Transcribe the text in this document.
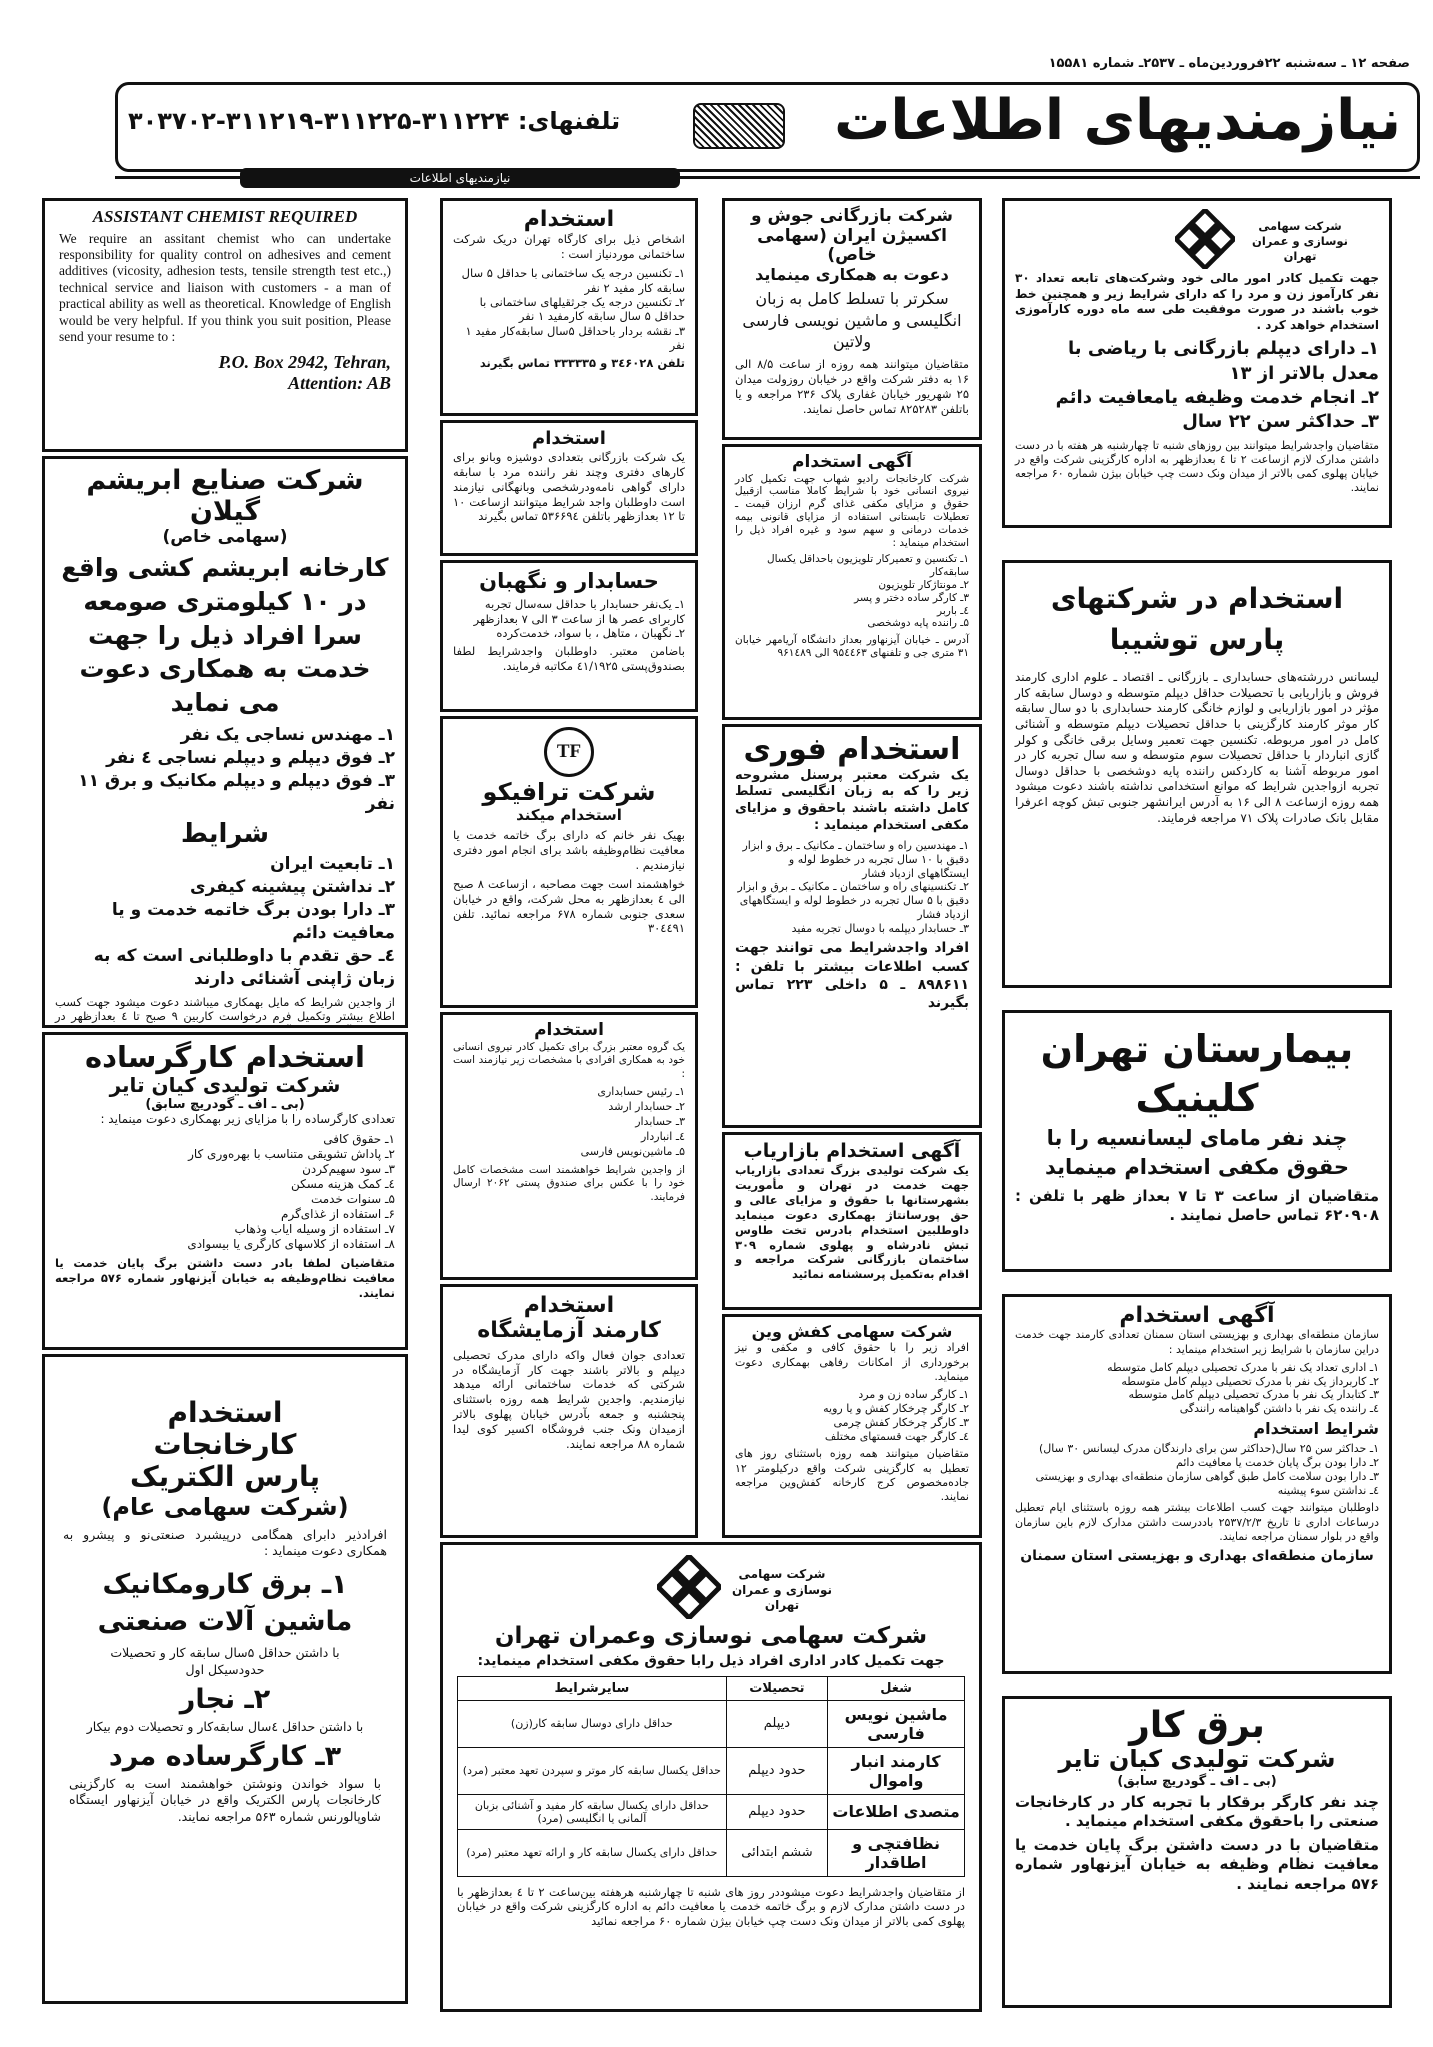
صفحه ۱۲ ـ سه‌شنبه ۲۲فروردین‌ماه ـ ۲۵۳۷ـ شماره ۱۵۵۸۱
نیازمندیهای اطلاعات
تلفنهای: ۳۱۱۲۲۴-۳۱۱۲۲۵-۳۱۱۲۱۹-۳۰۳۷۰۲
نیازمندیهای اطلاعات
ASSISTANT CHEMIST REQUIRED
We require an assitant chemist who can undertake responsibility for quality control on adhesives and cement additives (vicosity, adhesion tests, tensile strength test etc.,) technical service and liaison with customers - a man of practical ability as well as theoretical. Knowledge of English would be very helpful. If you think you suit position, Please send your resume to :
P.O. Box 2942, Tehran,
Attention: AB
شرکت صنایع ابریشم گیلان
(سهامی خاص)
کارخانه ابریشم کشی واقع در ۱۰ کیلومتری صومعه سرا افراد ذیل را جهت خدمت به همکاری دعوت می نماید
۱ـ مهندس نساجی یک نفر
۲ـ فوق دیپلم و دیپلم نساجی ٤ نفر
۳ـ فوق دیپلم و دیپلم مکانیک و برق ۱۱ نفر
شرایط
۱ـ تابعیت ایران
۲ـ نداشتن پیشینه کیفری
۳ـ دارا بودن برگ خاتمه خدمت و یا معافیت دائم
٤ـ حق تقدم با داوطلبانی است که به زبان ژاپنی آشنائی دارند
از واجدین شرایط که مایل بهمکاری میباشند دعوت میشود جهت کسب اطلاع بیشتر وتکمیل فرم درخواست کاربین ۹ صبح تا ٤ بعدازظهر در
استخدام کارگرساده
شرکت تولیدی کیان تایر
(بی ـ اف ـ گودریچ سابق)
تعدادی کارگرساده را با مزایای زیر بهمکاری دعوت مینماید :
۱ـ حقوق کافی
۲ـ پاداش تشویقی متناسب با بهره‌وری کار
۳ـ سود سهیم‌کردن
٤ـ کمک هزینه مسکن
۵ـ سنوات خدمت
۶ـ استفاده از غذای‌گرم
۷ـ استفاده از وسیله ایاب وذهاب
۸ـ استفاده از کلاسهای کارگری یا بیسوادی
متقاضیان لطفا بادر دست داشتن برگ پایان خدمت یا معافیت نظام‌وظیفه به خیابان آیزنهاور شماره ۵۷۶ مراجعه نمایند.
استخدام
کارخانجات
پارس الکتریک
(شرکت سهامی عام)
افرادذیر دابرای همگامی درپیشبرد صنعتی‌نو و پیشرو به همکاری دعوت مینماید :
۱ـ برق کارومکانیک ماشین آلات صنعتی
با داشتن حداقل ۵سال سابقه کار و تحصیلات حدودسیکل اول
۲ـ نجار
با داشتن حداقل ٤سال سابقه‌کار و تحصیلات دوم بیکار
۳ـ کارگرساده مرد
با سواد خواندن ونوشتن خواهشمند است به کارگزینی کارخانجات پارس الکتریک واقع در خیابان آیزنهاور ایستگاه شاوپالورنس شماره ۵۶۳ مراجعه نمایند.
استخدام
اشخاص ذیل برای کارگاه تهران دریک شرکت ساختمانی موردنیاز است :
۱ـ تکنسین درجه یک ساختمانی با حداقل ۵ سال سابقه کار مفید ۲ نفر
۲ـ تکنسین درجه یک جرثقیلهای ساختمانی با حداقل ۵ سال سابقه کارمفید ۱ نفر
۳ـ نقشه بردار باحداقل ۵سال سابقه‌کار مفید ۱ نفر
تلفن ۳٤۶۰۲۸ و ۳۳۳۳۳۵ تماس بگیرند
استخدام
یک شرکت بازرگانی بتعدادی دوشیزه وبانو برای کارهای دفتری وچند نفر راننده مرد با سابقه دارای گواهی نامه‌ودرشخصی وبانهگانی نیازمند است داوطلبان واجد شرایط میتوانند ازساعت ۱۰ تا ۱۲ بعدازظهر باتلفن ۵۳۶۶۹٤ تماس بگیرند
حسابدار و نگهبان
۱ـ یک‌نفر حسابدار با حداقل سه‌سال تجربه کاربرای عصر ها از ساعت ۳ الی ۷ بعدازظهر
۲ـ نگهبان ، متاهل ، با سواد، خدمت‌کرده
باضامن معتبر. داوطلبان واجدشرایط لطفا بصندوق‌پستی ٤۱/۱۹۲۵ مکاتبه فرمایند.
TF
شرکت ترافیکو
استخدام میکند
بهیک نفر خانم که دارای برگ خاتمه خدمت یا معافیت نظام‌وظیفه باشد برای انجام امور دفتری نیازمندیم .
خواهشمند است جهت مصاحبه ، ازساعت ۸ صبح الی ٤ بعدازظهر به محل شرکت، واقع در خیابان سعدی جنوبی شماره ۶۷۸ مراجعه نمائید. تلفن ۳۰٤٤۹۱
استخدام
یک گروه معتبر بزرگ برای تکمیل کادر نیروی انسانی خود به همکاری افرادی با مشخصات زیر نیازمند است :
۱ـ رئیس حسابداری
۲ـ حسابدار ارشد
۳ـ حسابدار
٤ـ انباردار
۵ـ ماشین‌نویس فارسی
از واجدین شرایط خواهشمند است مشخصات کامل خود را با عکس برای صندوق پستی ۲۰۶۲ ارسال فرمایند.
استخدام
کارمند آزمایشگاه
تعدادی جوان فعال واکه دارای مدرک تحصیلی دیپلم و بالاتر باشند جهت کار آزمایشگاه در شرکتی که خدمات ساختمانی ارائه میدهد نیازمندیم. واجدین شرایط همه روزه باستثنای پنجشنبه و جمعه بآدرس خیابان پهلوی بالاتر ازمیدان ونک جنب فروشگاه اکسیر کوی لیدا شماره ۸۸ مراجعه نمایند.
شرکت بازرگانی جوش و اکسیژن ایران (سهامی خاص)
دعوت به همکاری مینماید
سکرتر با تسلط کامل به زبان انگلیسی و ماشین نویسی فارسی ولاتین
متقاضیان میتوانند همه روزه از ساعت ۸/۵ الی ۱۶ به دفتر شرکت واقع در خیابان روزولت میدان ۲۵ شهریور خیابان غفاری پلاک ۲۳۶ مراجعه و یا باتلفن ۸۲۵۲۸۳ تماس حاصل نمایند.
آگهی استخدام
شرکت کارخانجات رادیو شهاب جهت تکمیل کادر نیروی انسانی خود با شرایط کاملا مناسب ازقبیل حقوق و مزایای مکفی غذای گرم ارزان قیمت ـ تعطیلات تابستانی استفاده از مزایای قانونی بیمه خدمات درمانی و سهم سود و غیره افراد ذیل را استخدام مینماید :
۱ـ تکنسین و تعمیرکار تلویزیون باحداقل یکسال سابقه‌کار
۲ـ مونتاژکار تلویزیون
۳ـ کارگر ساده دختر و پسر
٤ـ باربر
۵ـ راننده پایه دوشخصی
آدرس ـ خیابان آیزنهاور بعداز دانشگاه آریامهر خیابان ۳۱ متری جی و تلفنهای ۹۵٤٤۶۳ الی ۹۶۱٤۸۹
استخدام فوری
یک شرکت معتبر پرسنل مشروحه زیر را که به زبان انگلیسی تسلط کامل داشته باشند باحقوق و مزایای مکفی استخدام مینماید :
۱ـ مهندسین راه و ساختمان ـ مکانیک ـ برق و ابزار دقیق با ۱۰ سال تجربه در خطوط لوله و ایستگاههای ازدیاد فشار
۲ـ تکنسینهای راه و ساختمان ـ مکانیک ـ برق و ابزار دقیق با ۵ سال تجربه در خطوط لوله و ایستگاههای ازدیاد فشار
۳ـ حسابدار دیپلمه با دوسال تجربه مفید
افراد واجدشرایط می توانند جهت کسب اطلاعات بیشتر با تلفن : ۸۹۸۶۱۱ ـ ۵ داخلی ۲۲۳ تماس بگیرند
آگهی استخدام بازاریاب
یک شرکت تولیدی بزرگ تعدادی بازاریاب جهت خدمت در تهران و مأموریت بشهرستانها با حقوق و مزایای عالی و حق پورسانتاژ بهمکاری دعوت مینماید داوطلبین استخدام بادرس تخت طاوس تبش نادرشاه و پهلوی شماره ۳۰۹ ساختمان بازرگانی شرکت مراجعه و اقدام به‌تکمیل پرسشنامه نمائید
شرکت سهامی کفش وین
افراد زیر را با حقوق کافی و مکفی و نیز برخورداری از امکانات رفاهی بهمکاری دعوت مینماید.
۱ـ کارگر ساده زن و مرد
۲ـ کارگر چرخکار کفش و یا رویه
۳ـ کارگر چرخکار کفش چرمی
٤ـ کارگر جهت قسمتهای مختلف
متقاضیان میتوانند همه روزه باستثنای روز های تعطیل به کارگزینی شرکت واقع درکیلومتر ۱۲ جاده‌مخصوص کرج کارخانه کفش‌وین مراجعه نمایند.
شرکت سهامی نوسازی و عمران تهران
شرکت سهامی نوسازی وعمران تهران
جهت تکمیل کادر اداری افراد ذیل رابا حقوق مکفی استخدام مینماید:
شغل	تحصیلات	سایرشرایط
ماشین نویس فارسی	دیپلم	حداقل دارای دوسال سابقه کار(زن)
کارمند انبار واموال	حدود دیپلم	حداقل یکسال سابقه کار موتر و سپردن تعهد معتبر (مرد)
متصدی اطلاعات	حدود دیپلم	حداقل دارای یکسال سابقه کار مفید و آشنائی بزبان آلمانی یا انگلیسی (مرد)
نظافتچی و اطاقدار	ششم ابتدائی	حداقل دارای یکسال سابقه کار و ارائه تعهد معتبر (مرد)
از متقاضیان واجدشرایط دعوت میشوددر روز های شنبه تا چهارشنبه هرهفته بین‌ساعت ۲ تا ٤ بعدازظهر با در دست داشتن مدارک لازم و برگ خاتمه خدمت یا معافیت دائم به اداره کارگزینی شرکت واقع در خیابان پهلوی کمی بالاتر از میدان ونک دست چپ خیابان بیژن شماره ۶۰ مراجعه نمائید
شرکت سهامی نوسازی و عمران تهران
جهت تکمیل کادر امور مالی خود وشرکت‌های تابعه تعداد ۳۰ نفر کارآموز زن و مرد را که دارای شرایط زیر و همچنین خط خوب باشند در صورت موفقیت طی سه ماه دوره کارآموزی استخدام خواهد کرد .
۱ـ دارای دیپلم بازرگانی با ریاضی با معدل بالاتر از ۱۳
۲ـ انجام خدمت وظیفه یامعافیت دائم
۳ـ حداکثر سن ۲۲ سال
متقاضیان واجدشرایط میتوانند بین روزهای شنبه تا چهارشنبه هر هفته با در دست داشتن مدارک لازم ازساعت ۲ تا ٤ بعدازظهر به اداره کارگزینی شرکت واقع در خیابان پهلوی کمی بالاتر از میدان ونک دست چپ خیابان بیژن شماره ۶۰ مراجعه نمایند.
استخدام در شرکتهای پارس توشیبا
لیسانس دررشته‌های حسابداری ـ بازرگانی ـ اقتصاد ـ علوم اداری کارمند فروش و بازاریابی با تحصیلات حداقل دیپلم متوسطه و دوسال سابقه کار مؤثر در امور بازاریابی و لوازم خانگی کارمند حسابداری با دو سال سابقه کار موثر کارمند کارگزینی با حداقل تحصیلات دیپلم متوسطه و آشنائی کامل در امور مربوطه. تکنسین جهت تعمیر وسایل برقی خانگی و کولر گازی انباردار با حداقل تحصیلات سوم متوسطه و سه سال تجربه کار در امور مربوطه آشنا به کاردکس راننده پایه دوشخصی با حداقل دوسال تجربه ازواجدین شرایط که موانع استخدامی نداشته باشند دعوت میشود همه روزه ازساعت ۸ الی ۱۶ به آدرس ایرانشهر جنوبی تبش کوچه اعرفرا مقابل بانک صادرات پلاک ۷۱ مراجعه فرمایند.
بیمارستان تهران کلینیک
چند نفر مامای لیسانسیه را با حقوق مکفی استخدام مینماید
متقاضیان از ساعت ۳ تا ۷ بعداز ظهر با تلفن : ۶۲۰۹۰۸ تماس حاصل نمایند .
آگهی استخدام
سازمان منطقه‌ای بهداری و بهزیستی استان سمنان تعدادی کارمند جهت خدمت دراین سازمان با شرایط زیر استخدام مینماید :
۱ـ اداری تعداد یک نفر با مدرک تحصیلی دیپلم کامل متوسطه
۲ـ کاربرداز یک نفر با مدرک تحصیلی دیپلم کامل متوسطه
۳ـ کتابدار یک نفر با مدرک تحصیلی دیپلم کامل متوسطه
٤ـ راننده یک نفر با داشتن گواهینامه رانندگی
شرایط استخدام
۱ـ حداکثر سن ۲۵ سال(حداکثر سن برای دارندگان مدرک لیسانس ۳۰ سال)
۲ـ دارا بودن برگ پایان خدمت یا معافیت دائم
۳ـ دارا بودن سلامت کامل طبق گواهی سازمان منطقه‌ای بهداری و بهزیستی
٤ـ نداشتن سوء پیشینه
داوطلبان میتوانند جهت کسب اطلاعات بیشتر همه روزه باستثنای ایام تعطیل درساعات اداری تا تاریخ ۲۵۳۷/۲/۳ باددرست داشتن مدارک لازم باین سازمان واقع در بلوار سمنان مراجعه نمایند.
سازمان منطقه‌ای بهداری و بهزیستی استان سمنان
برق کار
شرکت تولیدی کیان تایر
(بی ـ اف ـ گودریچ سابق)
چند نفر کارگر برقکار با تجربه کار در کارخانجات صنعتی را باحقوق مکفی استخدام مینماید .
متقاضیان با در دست داشتن برگ پایان خدمت یا معافیت نظام وظیفه به خیابان آیزنهاور شماره ۵۷۶ مراجعه نمایند .
